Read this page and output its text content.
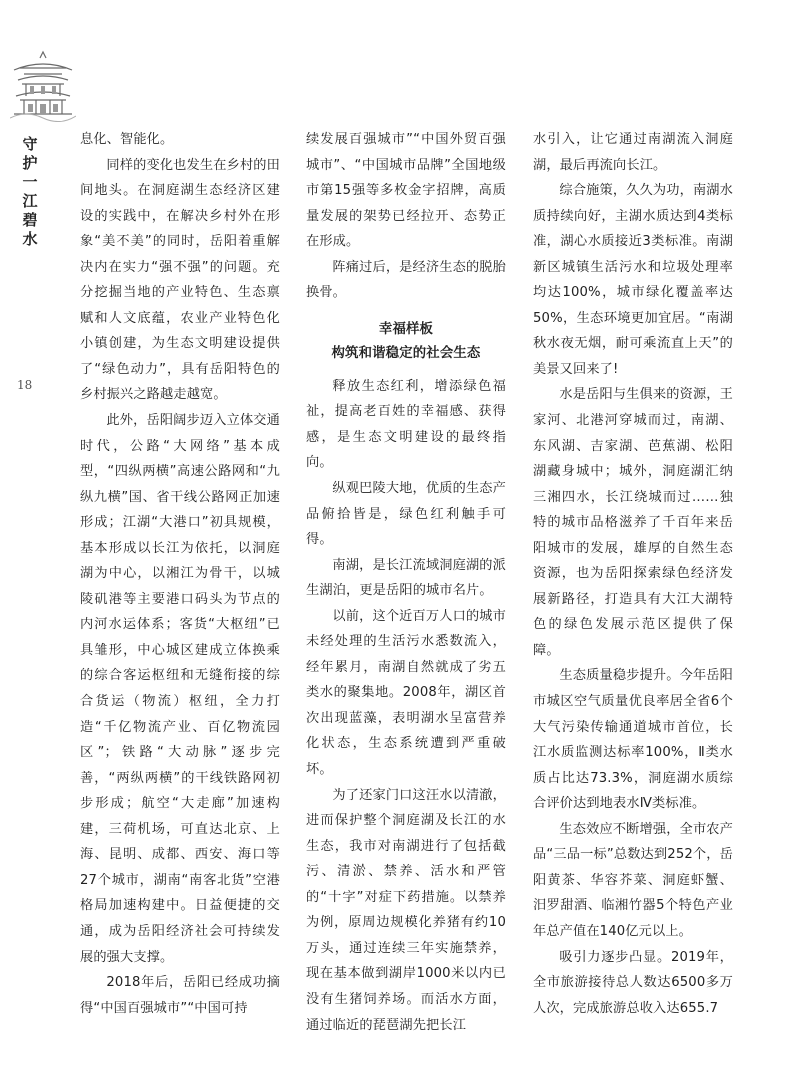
守
护
一
江
碧
水
18

息化、智能化。

同样的变化也发生在乡村的田间地头。在洞庭湖生态经济区建设的实践中，在解决乡村外在形象“美不美”的同时，岳阳着重解决内在实力“强不强”的问题。充分挖掘当地的产业特色、生态禀赋和人文底蕴，农业产业特色化小镇创建，为生态文明建设提供了“绿色动力”，具有岳阳特色的乡村振兴之路越走越宽。

此外，岳阳阔步迈入立体交通时代，公路“大网络”基本成型，“四纵两横”高速公路网和“九纵九横”国、省干线公路网正加速形成；江湖“大港口”初具规模，基本形成以长江为依托，以洞庭湖为中心，以湘江为骨干，以城陵矶港等主要港口码头为节点的内河水运体系；客货“大枢纽”已具雏形，中心城区建成立体换乘的综合客运枢纽和无缝衔接的综合货运（物流）枢纽，全力打造“千亿物流产业、百亿物流园区”；铁路“大动脉”逐步完善，“两纵两横”的干线铁路网初步形成；航空“大走廊”加速构建，三荷机场，可直达北京、上海、昆明、成都、西安、海口等27个城市，湖南“南客北货”空港格局加速构建中。日益便捷的交通，成为岳阳经济社会可持续发展的强大支撑。

2018年后，岳阳已经成功摘得“中国百强城市”“中国可持

续发展百强城市”“中国外贸百强城市”、“中国城市品牌”全国地级市第15强等多枚金字招牌，高质量发展的架势已经拉开、态势正在形成。

阵痛过后，是经济生态的脱胎换骨。

幸福样板
构筑和谐稳定的社会生态

释放生态红利，增添绿色福祉，提高老百姓的幸福感、获得感，是生态文明建设的最终指向。

纵观巴陵大地，优质的生态产品俯拾皆是，绿色红利触手可得。

南湖，是长江流域洞庭湖的派生湖泊，更是岳阳的城市名片。

以前，这个近百万人口的城市未经处理的生活污水悉数流入，经年累月，南湖自然就成了劣五类水的聚集地。2008年，湖区首次出现蓝藻，表明湖水呈富营养化状态，生态系统遭到严重破坏。

为了还家门口这汪水以清澈，进而保护整个洞庭湖及长江的水生态，我市对南湖进行了包括截污、清淤、禁养、活水和严管的“十字”对症下药措施。以禁养为例，原周边规模化养猪有约10万头，通过连续三年实施禁养，现在基本做到湖岸1000米以内已没有生猪饲养场。而活水方面，通过临近的琵琶湖先把长江

水引入，让它通过南湖流入洞庭湖，最后再流向长江。

综合施策，久久为功，南湖水质持续向好，主湖水质达到4类标准，湖心水质接近3类标准。南湖新区城镇生活污水和垃圾处理率均达100%，城市绿化覆盖率达50%，生态环境更加宜居。“南湖秋水夜无烟，耐可乘流直上天”的美景又回来了!

水是岳阳与生俱来的资源，王家河、北港河穿城而过，南湖、东风湖、吉家湖、芭蕉湖、松阳湖藏身城中；城外，洞庭湖汇纳三湘四水，长江绕城而过……独特的城市品格滋养了千百年来岳阳城市的发展，雄厚的自然生态资源，也为岳阳探索绿色经济发展新路径，打造具有大江大湖特色的绿色发展示范区提供了保障。

生态质量稳步提升。今年岳阳市城区空气质量优良率居全省6个大气污染传输通道城市首位，长江水质监测达标率100%，Ⅱ类水质占比达73.3%，洞庭湖水质综合评价达到地表水Ⅳ类标准。

生态效应不断增强，全市农产品“三品一标”总数达到252个，岳阳黄茶、华容芥菜、洞庭虾蟹、汨罗甜酒、临湘竹器5个特色产业年总产值在140亿元以上。

吸引力逐步凸显。2019年，全市旅游接待总人数达6500多万人次，完成旅游总收入达655.7
